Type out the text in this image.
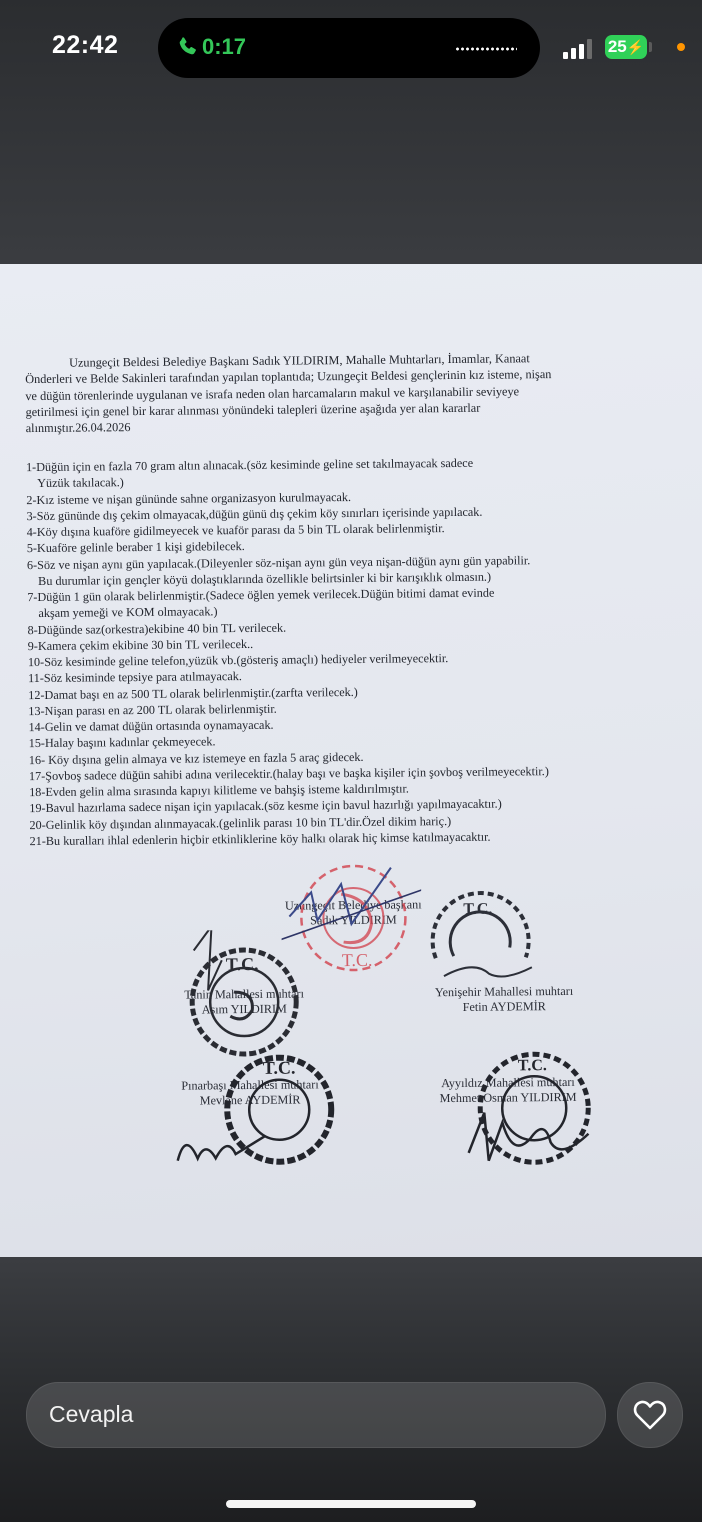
22:42	0:17	25⚡
Uzungeçit Beldesi Belediye Başkanı Sadık YILDIRIM, Mahalle Muhtarları, İmamlar, Kanaat
Önderleri ve Belde Sakinleri tarafından yapılan toplantıda; Uzungeçit Beldesi gençlerinin kız isteme, nişan
ve düğün törenlerinde uygulanan ve israfa neden olan harcamaların makul ve karşılanabilir seviyeye
getirilmesi için genel bir karar alınması yönündeki talepleri üzerine aşağıda yer alan kararlar
alınmıştır.26.04.2026
1-Düğün için en fazla 70 gram altın alınacak.(söz kesiminde geline set takılmayacak sadece
Yüzük takılacak.)
2-Kız isteme ve nişan gününde sahne organizasyon kurulmayacak.
3-Söz gününde dış çekim olmayacak,düğün günü dış çekim köy sınırları içerisinde yapılacak.
4-Köy dışına kuaföre gidilmeyecek ve kuaför parası da 5 bin TL olarak belirlenmiştir.
5-Kuaföre gelinle beraber 1 kişi gidebilecek.
6-Söz ve nişan aynı gün yapılacak.(Dileyenler söz-nişan aynı gün veya nişan-düğün aynı gün yapabilir.
Bu durumlar için gençler köyü dolaştıklarında özellikle belirtsinler ki bir karışıklık olmasın.)
7-Düğün 1 gün olarak belirlenmiştir.(Sadece öğlen yemek verilecek.Düğün bitimi damat evinde
akşam yemeği ve KOM olmayacak.)
8-Düğünde saz(orkestra)ekibine 40 bin TL verilecek.
9-Kamera çekim ekibine 30 bin TL verilecek..
10-Söz kesiminde geline telefon,yüzük vb.(gösteriş amaçlı) hediyeler verilmeyecektir.
11-Söz kesiminde tepsiye para atılmayacak.
12-Damat başı en az 500 TL olarak belirlenmiştir.(zarfta verilecek.)
13-Nişan parası en az 200 TL olarak belirlenmiştir.
14-Gelin ve damat düğün ortasında oynamayacak.
15-Halay başını kadınlar çekmeyecek.
16- Köy dışına gelin almaya ve kız istemeye en fazla 5 araç gidecek.
17-Şovboş sadece düğün sahibi adına verilecektir.(halay başı ve başka kişiler için şovboş verilmeyecektir.)
18-Evden gelin alma sırasında kapıyı kilitleme ve bahşiş isteme kaldırılmıştır.
19-Bavul hazırlama sadece nişan için yapılacak.(söz kesme için bavul hazırlığı yapılmayacaktır.)
20-Gelinlik köy dışından alınmayacak.(gelinlik parası 10 bin TL'dir.Özel dikim hariç.)
21-Bu kuralları ihlal edenlerin hiçbir etkinliklerine köy halkı olarak hiç kimse katılmayacaktır.
Uzungeçit Belediye başkanı
Sadık YILDIRIM
Tanin Mahallesi muhtarı
Asım YILDIRIM
Yenişehir Mahallesi muhtarı
Fetin AYDEMİR
Pınarbaşı Mahallesi muhtarı
Mevlane AYDEMİR
Ayyıldız Mahallesi muhtarı
Mehmet Osman YILDIRIM
T.C.
T.C.
T.C.
T.C.	T.C.
Cevapla
